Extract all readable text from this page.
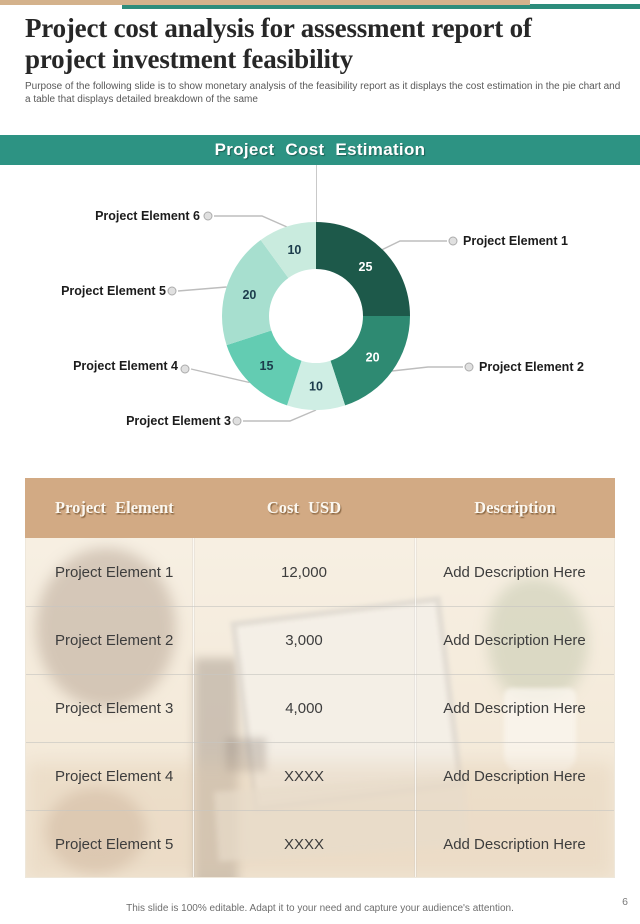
Project cost analysis for assessment report of
project investment feasibility
Purpose of the following slide is to show monetary analysis of the feasibility report as it displays the cost estimation in the pie chart and a table that displays detailed breakdown of the same
Project Cost Estimation
25
20
10
15
20
10
Project Element 6
Project Element 1
Project Element 5
Project Element 2
Project Element 4
Project Element 3
Project Element	Cost USD	Description
Project Element 1	12,000	Add Description Here
Project Element 2	3,000	Add Description Here
Project Element 3	4,000	Add Description Here
Project Element 4	XXXX	Add Description Here
Project Element 5	XXXX	Add Description Here
This slide is 100% editable. Adapt it to your need and capture your audience's attention.
6
